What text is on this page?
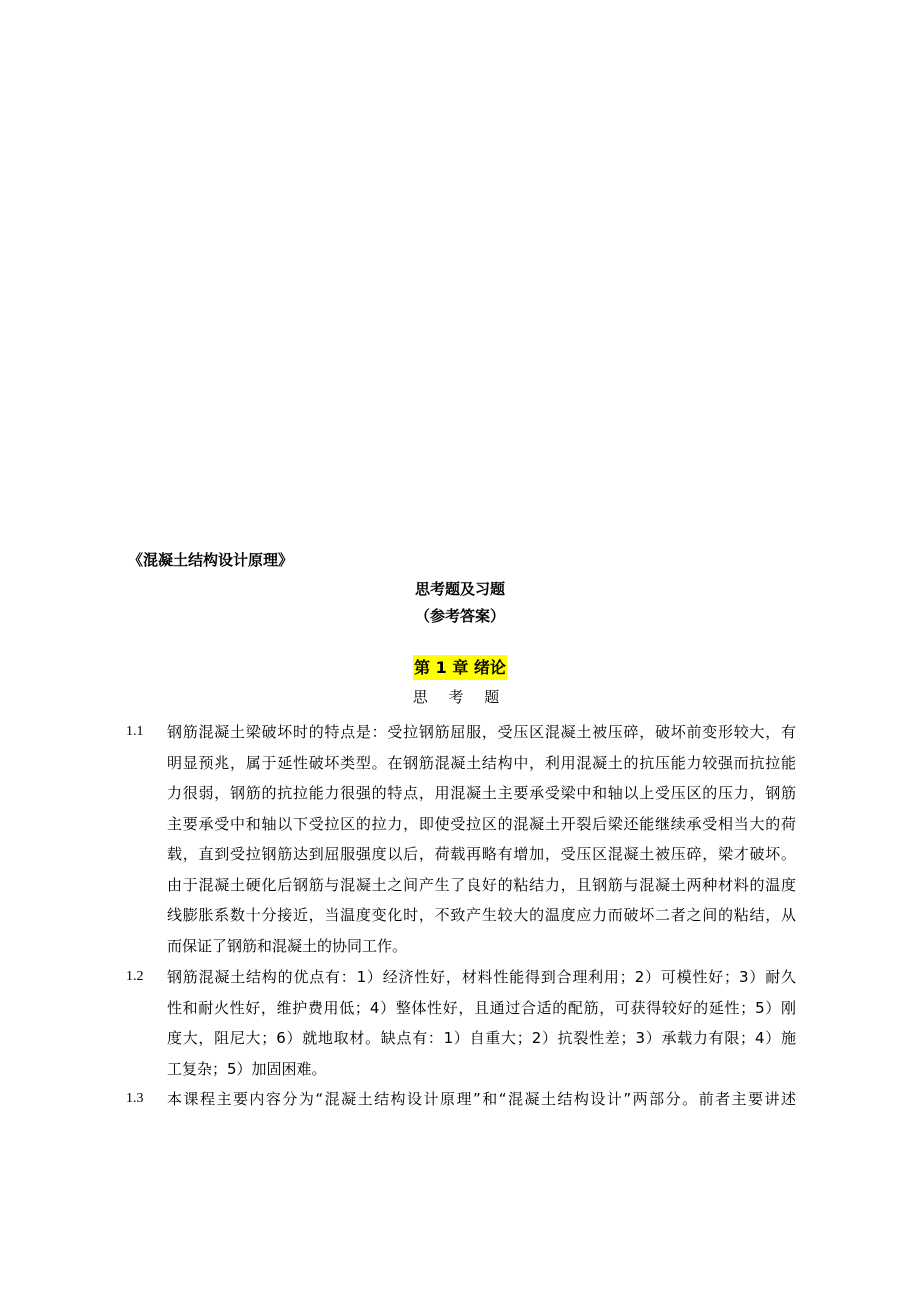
《混凝土结构设计原理》
思考题及习题
（参考答案）
第 1 章 绪论
思 考 题
1.1 钢筋混凝土梁破坏时的特点是：受拉钢筋屈服，受压区混凝土被压碎，破坏前变形较大，有
明显预兆，属于延性破坏类型。在钢筋混凝土结构中，利用混凝土的抗压能力较强而抗拉能
力很弱，钢筋的抗拉能力很强的特点，用混凝土主要承受梁中和轴以上受压区的压力，钢筋
主要承受中和轴以下受拉区的拉力，即使受拉区的混凝土开裂后梁还能继续承受相当大的荷
载，直到受拉钢筋达到屈服强度以后，荷载再略有增加，受压区混凝土被压碎，梁才破坏。
由于混凝土硬化后钢筋与混凝土之间产生了良好的粘结力，且钢筋与混凝土两种材料的温度
线膨胀系数十分接近，当温度变化时，不致产生较大的温度应力而破坏二者之间的粘结，从
而保证了钢筋和混凝土的协同工作。
1.2 钢筋混凝土结构的优点有：1）经济性好，材料性能得到合理利用；2）可模性好；3）耐久
性和耐火性好，维护费用低；4）整体性好，且通过合适的配筋，可获得较好的延性；5）刚
度大，阻尼大；6）就地取材。缺点有：1）自重大；2）抗裂性差；3）承载力有限；4）施
工复杂；5）加固困难。
1.3 本课程主要内容分为“混凝土结构设计原理”和“混凝土结构设计”两部分。前者主要讲述
